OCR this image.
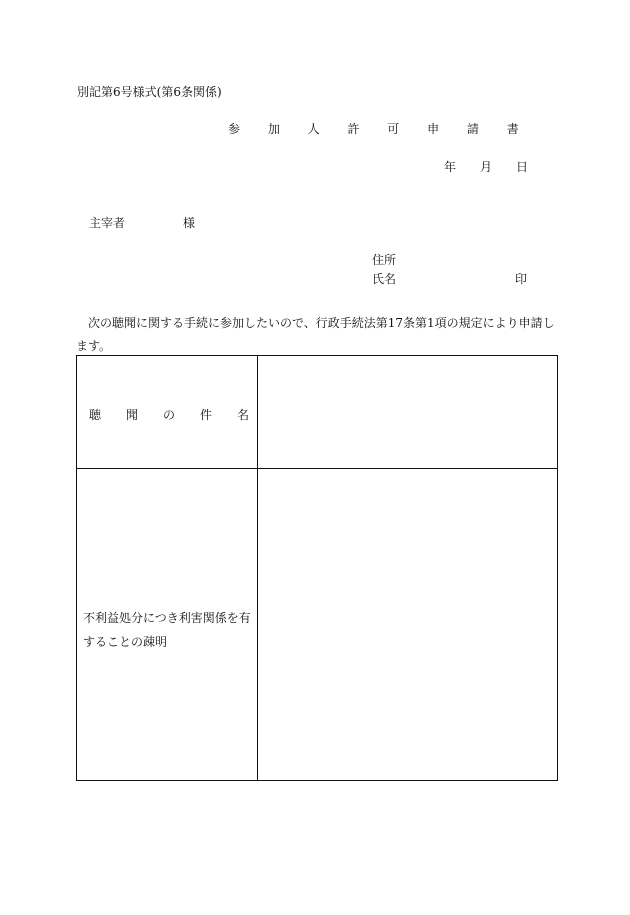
別記第6号様式(第6条関係)
参 加 人 許 可 申 請 書
年 月 日
主宰者	様
住所
氏名	印
次の聴聞に関する手続に参加したいので、行政手続法第17条第1項の規定により申請します。
聴 聞 の 件 名
不利益処分につき利害関係を有することの疎明
